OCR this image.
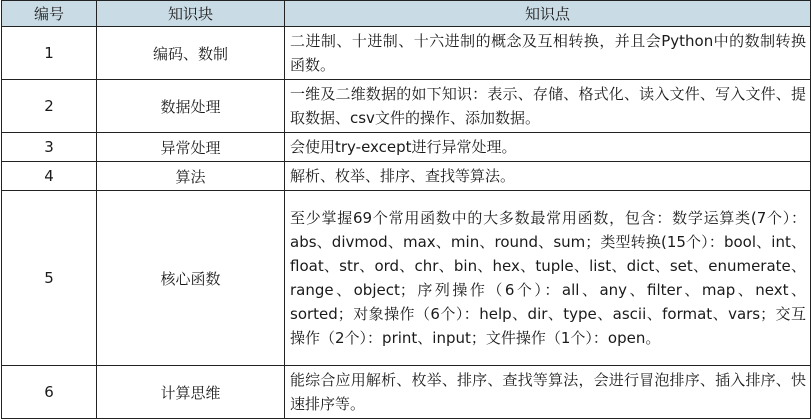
编号	知识块	知识点
1	编码、数制	二进制、十进制、十六进制的概念及互相转换，并且会Python中的数制转换函数。
2	数据处理	一维及二维数据的如下知识：表示、存储、格式化、读入文件、写入文件、提取数据、csv文件的操作、添加数据。
3	异常处理	会使用try-except进行异常处理。
4	算法	解析、枚举、排序、查找等算法。
5	核心函数	至少掌握69个常用函数中的大多数最常用函数，包含：数学运算类(7个）：abs、divmod、max、min、round、sum；类型转换(15个）：bool、int、float、str、ord、chr、bin、hex、tuple、list、dict、set、enumerate、range、object；序列操作（6个）：all、any、filter、map、next、sorted；对象操作（6个）：help、dir、type、ascii、format、vars；交互操作（2个）：print、input；文件操作（1个）：open。
6	计算思维	能综合应用解析、枚举、排序、查找等算法，会进行冒泡排序、插入排序、快速排序等。
